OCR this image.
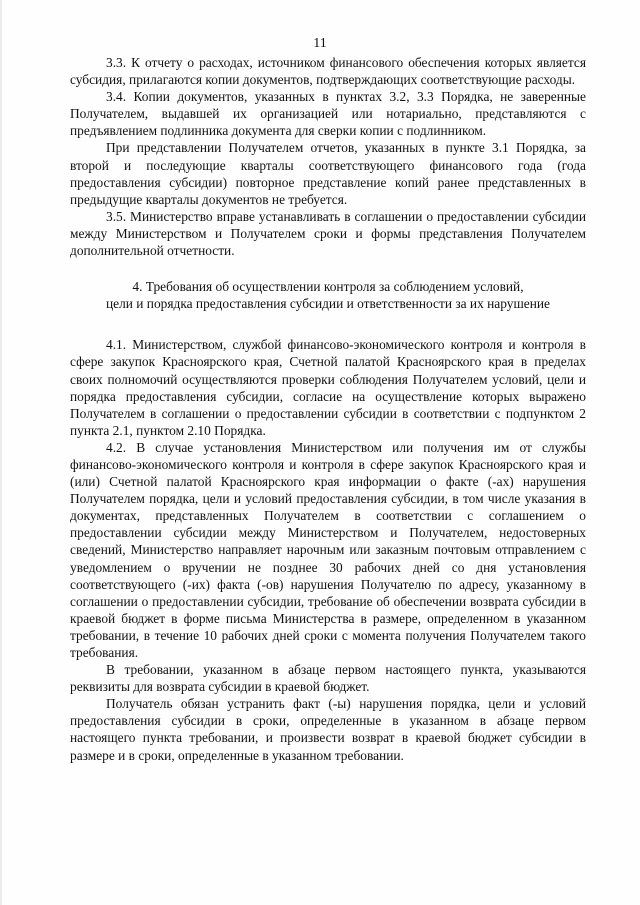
11

3.3. К отчету о расходах, источником финансового обеспечения которых является субсидия, прилагаются копии документов, подтверждающих соответствующие расходы.

3.4. Копии документов, указанных в пунктах 3.2, 3.3 Порядка, не заверенные Получателем, выдавшей их организацией или нотариально, представляются с предъявлением подлинника документа для сверки копии с подлинником.

При представлении Получателем отчетов, указанных в пункте 3.1 Порядка, за второй и последующие кварталы соответствующего финансового года (года предоставления субсидии) повторное представление копий ранее представленных в предыдущие кварталы документов не требуется.

3.5. Министерство вправе устанавливать в соглашении о предоставлении субсидии между Министерством и Получателем сроки и формы представления Получателем дополнительной отчетности.

4. Требования об осуществлении контроля за соблюдением условий,
цели и порядка предоставления субсидии и ответственности за их нарушение

4.1. Министерством, службой финансово-экономического контроля и контроля в сфере закупок Красноярского края, Счетной палатой Красноярского края в пределах своих полномочий осуществляются проверки соблюдения Получателем условий, цели и порядка предоставления субсидии, согласие на осуществление которых выражено Получателем в соглашении о предоставлении субсидии в соответствии с подпунктом 2 пункта 2.1, пунктом 2.10 Порядка.

4.2. В случае установления Министерством или получения им от службы финансово-экономического контроля и контроля в сфере закупок Красноярского края и (или) Счетной палатой Красноярского края информации о факте (-ах) нарушения Получателем порядка, цели и условий предоставления субсидии, в том числе указания в документах, представленных Получателем в соответствии с соглашением о предоставлении субсидии между Министерством и Получателем, недостоверных сведений, Министерство направляет нарочным или заказным почтовым отправлением с уведомлением о вручении не позднее 30 рабочих дней со дня установления соответствующего (-их) факта (-ов) нарушения Получателю по адресу, указанному в соглашении о предоставлении субсидии, требование об обеспечении возврата субсидии в краевой бюджет в форме письма Министерства в размере, определенном в указанном требовании, в течение 10 рабочих дней сроки с момента получения Получателем такого требования.

В требовании, указанном в абзаце первом настоящего пункта, указываются реквизиты для возврата субсидии в краевой бюджет.

Получатель обязан устранить факт (-ы) нарушения порядка, цели и условий предоставления субсидии в сроки, определенные в указанном в абзаце первом настоящего пункта требовании, и произвести возврат в краевой бюджет субсидии в размере и в сроки, определенные в указанном требовании.
